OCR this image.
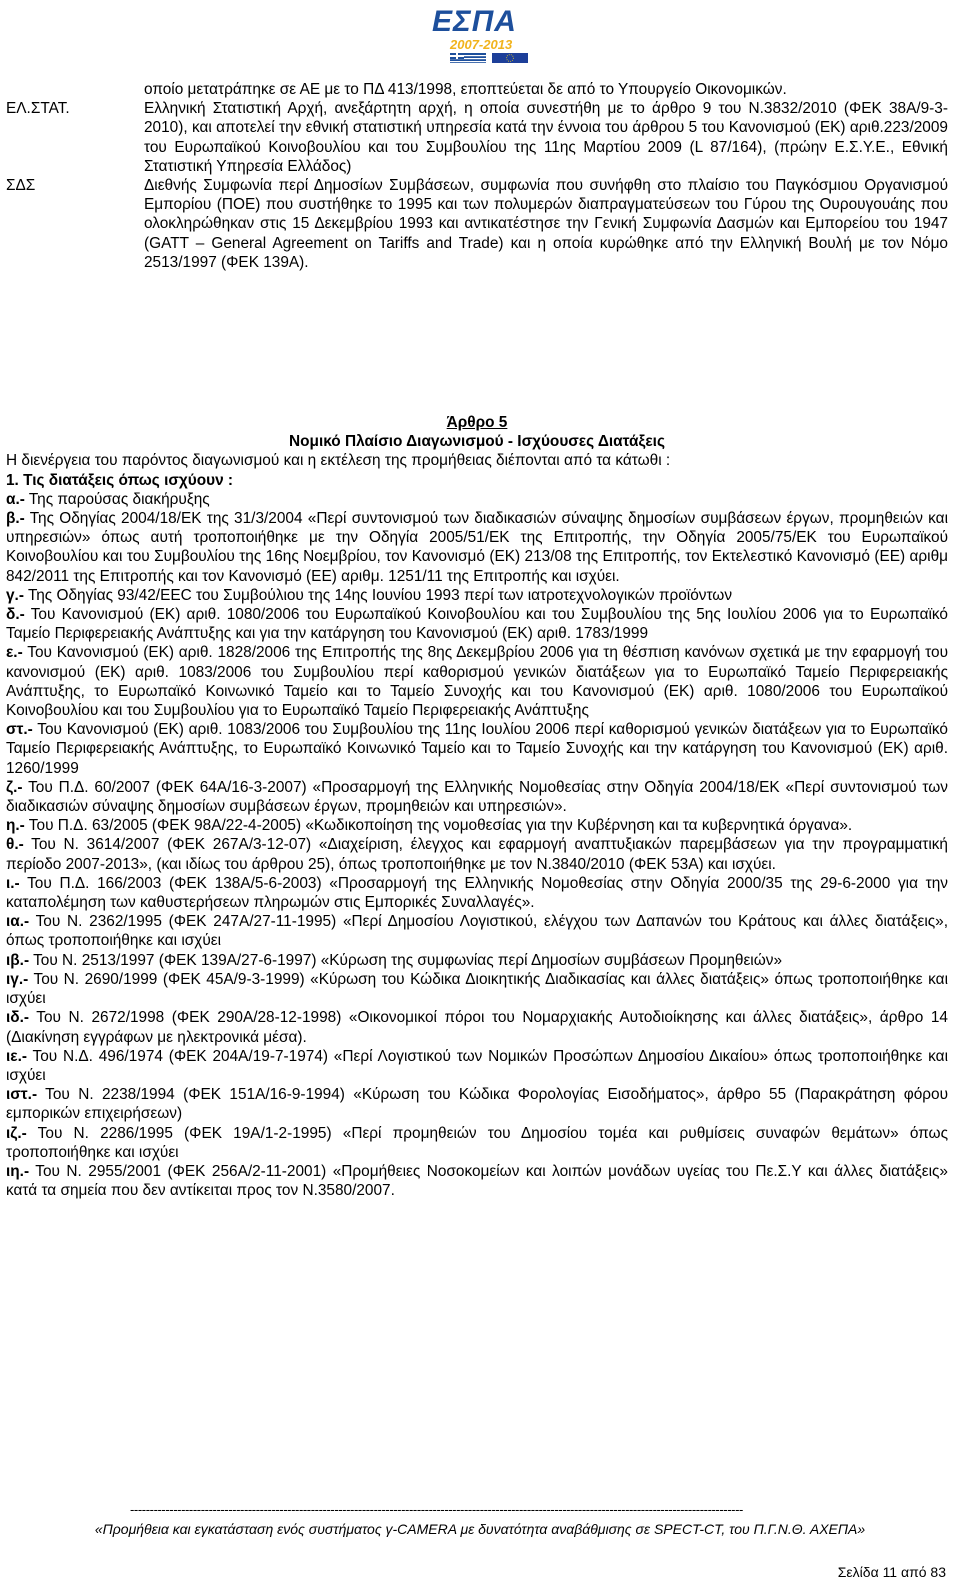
ΕΣΠΑ
2007-2013
οποίο μετατράπηκε σε ΑΕ με το ΠΔ 413/1998, εποπτεύεται δε από το Υπουργείο Οικονομικών.
ΕΛ.ΣΤΑΤ.	Ελληνική Στατιστική Αρχή, ανεξάρτητη αρχή, η οποία συνεστήθη με το άρθρο 9 του Ν.3832/2010 (ΦΕΚ 38Α/9-3-2010), και αποτελεί την εθνική στατιστική υπηρεσία κατά την έννοια του άρθρου 5 του Κανονισμού (ΕΚ) αριθ.223/2009 του Ευρωπαϊκού Κοινοβουλίου και του Συμβουλίου της 11ης Μαρτίου 2009 (L 87/164), (πρώην Ε.Σ.Υ.Ε., Εθνική Στατιστική Υπηρεσία Ελλάδος)
ΣΔΣ	Διεθνής Συμφωνία περί Δημοσίων Συμβάσεων, συμφωνία που συνήφθη στο πλαίσιο του Παγκόσμιου Οργανισμού Εμπορίου (ΠΟΕ) που συστήθηκε το 1995 και των πολυμερών διαπραγματεύσεων του Γύρου της Ουρουγουάης που ολοκληρώθηκαν στις 15 Δεκεμβρίου 1993 και αντικατέστησε την Γενική Συμφωνία Δασμών και Εμπορείου του 1947 (GATT – General Agreement on Tariffs and Trade) και η οποία κυρώθηκε από την Ελληνική Βουλή με τον Νόμο 2513/1997 (ΦΕΚ 139Α).
Άρθρο 5
Νομικό Πλαίσιο Διαγωνισμού - Ισχύουσες Διατάξεις
Η διενέργεια του παρόντος διαγωνισμού και η εκτέλεση της προμήθειας διέπονται από τα κάτωθι :
1. Τις διατάξεις όπως ισχύουν :
α.- Της παρούσας διακήρυξης
β.- Της Οδηγίας 2004/18/ΕΚ της 31/3/2004 «Περί συντονισμού των διαδικασιών σύναψης δημοσίων συμβάσεων έργων, προμηθειών και υπηρεσιών» όπως αυτή τροποποιήθηκε με την Οδηγία 2005/51/ΕΚ της Επιτροπής, την Οδηγία 2005/75/ΕΚ του Ευρωπαϊκού Κοινοβουλίου και του Συμβουλίου της 16ης Νοεμβρίου, τον Κανονισμό (ΕΚ) 213/08 της Επιτροπής, τον Εκτελεστικό Κανονισμό (ΕΕ) αριθμ 842/2011 της Επιτροπής και τον Κανονισμό (ΕΕ) αριθμ. 1251/11 της Επιτροπής και ισχύει.
γ.- Της Οδηγίας 93/42/ΕΕC του Συμβούλιου της 14ης Ιουνίου 1993 περί των ιατροτεχνολογικών προϊόντων
δ.- Του Κανονισμού (ΕΚ) αριθ. 1080/2006 του Ευρωπαϊκού Κοινοβουλίου και του Συμβουλίου της 5ης Ιουλίου 2006 για το Ευρωπαϊκό Ταμείο Περιφερειακής Ανάπτυξης και για την κατάργηση του Κανονισμού (ΕΚ) αριθ. 1783/1999
ε.- Του Κανονισμού (ΕΚ) αριθ. 1828/2006 της Επιτροπής της 8ης Δεκεμβρίου 2006 για τη θέσπιση κανόνων σχετικά με την εφαρμογή του κανονισμού (ΕΚ) αριθ. 1083/2006 του Συμβουλίου περί καθορισμού γενικών διατάξεων για το Ευρωπαϊκό Ταμείο Περιφερειακής Ανάπτυξης, το Ευρωπαϊκό Κοινωνικό Ταμείο και το Ταμείο Συνοχής και του Κανονισμού (ΕΚ) αριθ. 1080/2006 του Ευρωπαϊκού Κοινοβουλίου και του Συμβουλίου για το Ευρωπαϊκό Ταμείο Περιφερειακής Ανάπτυξης
στ.- Του Κανονισμού (ΕΚ) αριθ. 1083/2006 του Συμβουλίου της 11ης Ιουλίου 2006 περί καθορισμού γενικών διατάξεων για το Ευρωπαϊκό Ταμείο Περιφερειακής Ανάπτυξης, το Ευρωπαϊκό Κοινωνικό Ταμείο και το Ταμείο Συνοχής και την κατάργηση του Κανονισμού (ΕΚ) αριθ. 1260/1999
ζ.- Του Π.Δ. 60/2007 (ΦΕΚ 64Α/16-3-2007) «Προσαρμογή της Ελληνικής Νομοθεσίας στην Οδηγία 2004/18/ΕΚ «Περί συντονισμού των διαδικασιών σύναψης δημοσίων συμβάσεων έργων, προμηθειών και υπηρεσιών».
η.- Του Π.Δ. 63/2005 (ΦΕΚ 98Α/22-4-2005) «Κωδικοποίηση της νομοθεσίας για την Κυβέρνηση και τα κυβερνητικά όργανα».
θ.- Του Ν. 3614/2007 (ΦΕΚ 267Α/3-12-07) «Διαχείριση, έλεγχος και εφαρμογή αναπτυξιακών παρεμβάσεων για την προγραμματική περίοδο 2007-2013», (και ιδίως του άρθρου 25), όπως τροποποιήθηκε με τον Ν.3840/2010 (ΦΕΚ 53Α) και ισχύει.
ι.- Του Π.Δ. 166/2003 (ΦΕΚ 138Α/5-6-2003) «Προσαρμογή της Ελληνικής Νομοθεσίας στην Οδηγία 2000/35 της 29-6-2000 για την καταπολέμηση των καθυστερήσεων πληρωμών στις Εμπορικές Συναλλαγές».
ια.- Του Ν. 2362/1995 (ΦΕΚ 247Α/27-11-1995) «Περί Δημοσίου Λογιστικού, ελέγχου των Δαπανών του Κράτους και άλλες διατάξεις», όπως τροποποιήθηκε και ισχύει
ιβ.- Του Ν. 2513/1997 (ΦΕΚ 139Α/27-6-1997) «Κύρωση της συμφωνίας περί Δημοσίων συμβάσεων Προμηθειών»
ιγ.- Του Ν. 2690/1999 (ΦΕΚ 45Α/9-3-1999) «Κύρωση του Κώδικα Διοικητικής Διαδικασίας και άλλες διατάξεις» όπως τροποποιήθηκε και ισχύει
ιδ.- Του Ν. 2672/1998 (ΦΕΚ 290Α/28-12-1998) «Οικονομικοί πόροι του Νομαρχιακής Αυτοδιοίκησης και άλλες διατάξεις», άρθρο 14 (Διακίνηση εγγράφων με ηλεκτρονικά μέσα).
ιε.- Του Ν.Δ. 496/1974 (ΦΕΚ 204Α/19-7-1974) «Περί Λογιστικού των Νομικών Προσώπων Δημοσίου Δικαίου» όπως τροποποιήθηκε και ισχύει
ιστ.- Του Ν. 2238/1994 (ΦΕΚ 151Α/16-9-1994) «Κύρωση του Κώδικα Φορολογίας Εισοδήματος», άρθρο 55 (Παρακράτηση φόρου εμπορικών επιχειρήσεων)
ιζ.- Του Ν. 2286/1995 (ΦΕΚ 19Α/1-2-1995) «Περί προμηθειών του Δημοσίου τομέα και ρυθμίσεις συναφών θεμάτων» όπως τροποποιήθηκε και ισχύει
ιη.- Του Ν. 2955/2001 (ΦΕΚ 256Α/2-11-2001) «Προμήθειες Νοσοκομείων και λοιπών μονάδων υγείας του Πε.Σ.Υ και άλλες διατάξεις» κατά τα σημεία που δεν αντίκειται προς τον Ν.3580/2007.
------------------------------------------------------------------------------------------------------------------------------------------------------------
«Προμήθεια και εγκατάσταση ενός συστήματος γ-CAMERA με δυνατότητα αναβάθμισης σε SPECT-CT, του Π.Γ.Ν.Θ. ΑΧΕΠΑ»
Σελίδα 11 από 83
